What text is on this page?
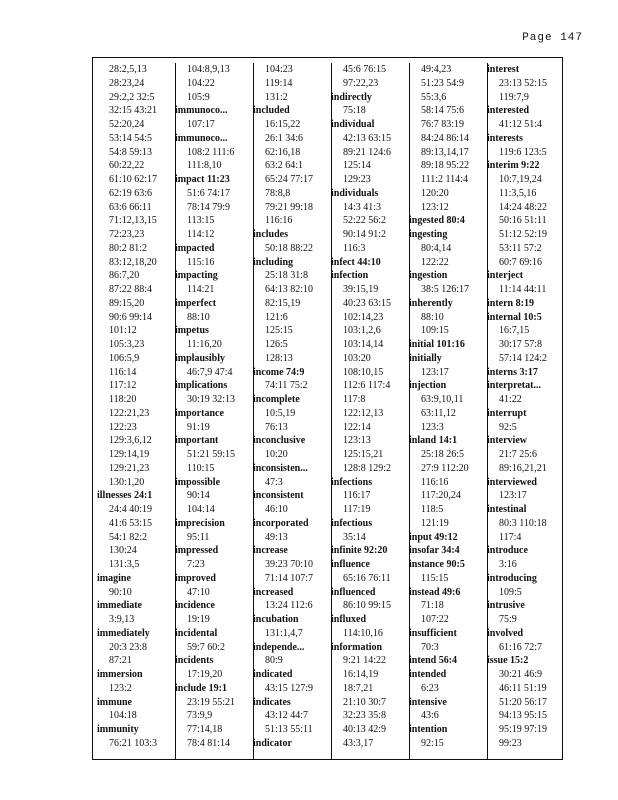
Page 147
28:2,5,13
28:23,24
29:2,2 32:5
32:15 43:21
52:20,24
53:14 54:5
54:8 59:13
60:22,22
61:10 62:17
62:19 63:6
63:6 66:11
71:12,13,15
72:23,23
80:2 81:2
83:12,18,20
86:7,20
87:22 88:4
89:15,20
90:6 99:14
101:12
105:3,23
106:5,9
116:14
117:12
118:20
122:21,23
122:23
129:3,6,12
129:14,19
129:21,23
130:1,20
illnesses 24:1
24:4 40:19
41:6 53:15
54:1 82:2
130:24
131:3,5
imagine
90:10
immediate
3:9,13
immediately
20:3 23:8
87:21
immersion
123:2
immune
104:18
immunity
76:21 103:3
104:8,9,13
104:22
105:9
immunoco...
107:17
immunoco...
108:2 111:6
111:8,10
impact 11:23
51:6 74:17
78:14 79:9
113:15
114:12
impacted
115:16
impacting
114:21
imperfect
88:10
impetus
11:16,20
implausibly
46:7,9 47:4
implications
30:19 32:13
importance
91:19
important
51:21 59:15
110:15
impossible
90:14
104:14
imprecision
95:11
impressed
7:23
improved
47:10
incidence
19:19
incidental
59:7 60:2
incidents
17:19,20
include 19:1
23:19 55:21
73:9,9
77:14,18
78:4 81:14
104:23
119:14
131:2
included
16:15,22
26:1 34:6
62:16,18
63:2 64:1
65:24 77:17
78:8,8
79:21 99:18
116:16
includes
50:18 88:22
including
25:18 31:8
64:13 82:10
82:15,19
121:6
125:15
126:5
128:13
income 74:9
74:11 75:2
incomplete
10:5,19
76:13
inconclusive
10:20
inconsisten...
47:3
inconsistent
46:10
incorporated
49:13
increase
39:23 70:10
71:14 107:7
increased
13:24 112:6
incubation
131:1,4,7
independe...
80:9
indicated
43:15 127:9
indicates
43:12 44:7
51:13 55:11
indicator
45:6 76:15
97:22,23
indirectly
75:18
individual
42:13 63:15
89:21 124:6
125:14
129:23
individuals
14:3 41:3
52:22 56:2
90:14 91:2
116:3
infect 44:10
infection
39:15,19
40:23 63:15
102:14,23
103:1,2,6
103:14,14
103:20
108:10,15
112:6 117:4
117:8
122:12,13
122:14
123:13
125:15,21
128:8 129:2
infections
116:17
117:19
infectious
35:14
infinite 92:20
influence
65:16 76:11
influenced
86:10 99:15
influxed
114:10,16
information
9:21 14:22
16:14,19
18:7,21
21:10 30:7
32:23 35:8
40:13 42:9
43:3,17
49:4,23
51:23 54:9
55:3,6
58:14 75:6
76:7 83:19
84:24 86:14
89:13,14,17
89:18 95:22
111:2 114:4
120:20
123:12
ingested 80:4
ingesting
80:4,14
122:22
ingestion
38:5 126:17
inherently
88:10
109:15
initial 101:16
initially
123:17
injection
63:9,10,11
63:11,12
123:3
inland 14:1
25:18 26:5
27:9 112:20
116:16
117:20,24
118:5
121:19
input 49:12
insofar 34:4
instance 90:5
115:15
instead 49:6
71:18
107:22
insufficient
70:3
intend 56:4
intended
6:23
intensive
43:6
intention
92:15
interest
23:13 52:15
119:7,9
interested
41:12 51:4
interests
119:6 123:5
interim 9:22
10:7,19,24
11:3,5,16
14:24 48:22
50:16 51:11
51:12 52:19
53:11 57:2
60:7 69:16
interject
11:14 44:11
intern 8:19
internal 10:5
16:7,15
30:17 57:8
57:14 124:2
interns 3:17
interpretat...
41:22
interrupt
92:5
interview
21:7 25:6
89:16,21,21
interviewed
123:17
intestinal
80:3 110:18
117:4
introduce
3:16
introducing
109:5
intrusive
75:9
involved
61:16 72:7
issue 15:2
30:21 46:9
46:11 51:19
51:20 56:17
94:13 95:15
95:19 97:19
99:23
